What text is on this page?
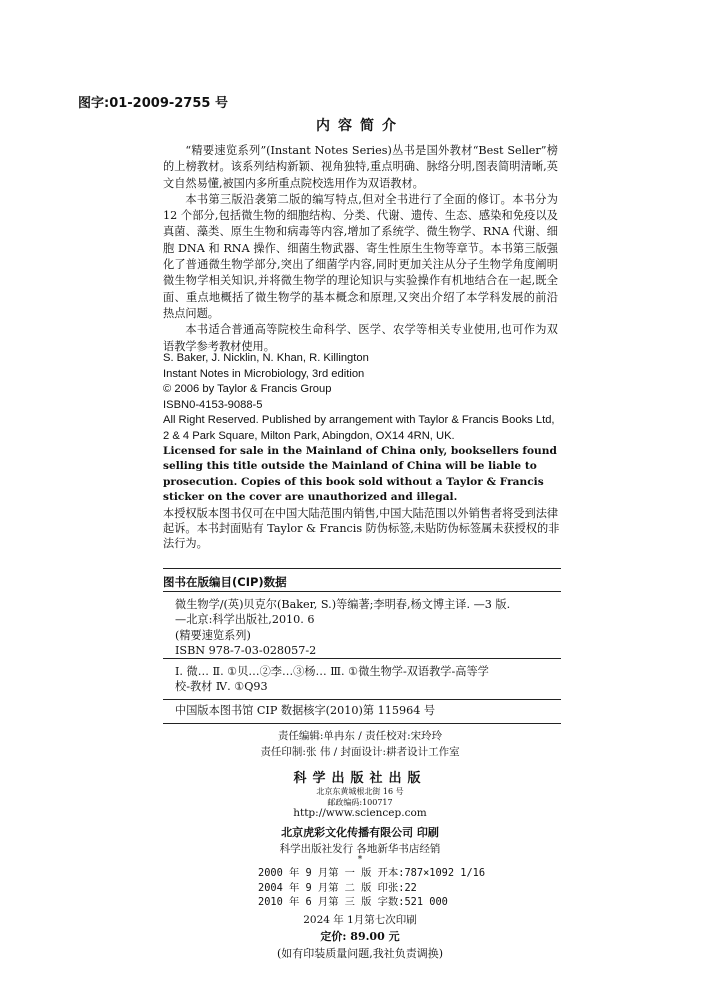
图字:01-2009-2755 号
内容简介

“精要速览系列”(Instant Notes Series)丛书是国外教材“Best Seller”榜的上榜教材。该系列结构新颖、视角独特,重点明确、脉络分明,图表简明清晰,英文自然易懂,被国内多所重点院校选用作为双语教材。

本书第三版沿袭第二版的编写特点,但对全书进行了全面的修订。本书分为 12 个部分,包括微生物的细胞结构、分类、代谢、遗传、生态、感染和免疫以及真菌、藻类、原生生物和病毒等内容,增加了系统学、微生物学、RNA 代谢、细胞 DNA 和 RNA 操作、细菌生物武器、寄生性原生生物等章节。本书第三版强化了普通微生物学部分,突出了细菌学内容,同时更加关注从分子生物学角度阐明微生物学相关知识,并将微生物学的理论知识与实验操作有机地结合在一起,既全面、重点地概括了微生物学的基本概念和原理,又突出介绍了本学科发展的前沿热点问题。

本书适合普通高等院校生命科学、医学、农学等相关专业使用,也可作为双语教学参考教材使用。

S. Baker, J. Nicklin, N. Khan, R. Killington
Instant Notes in Microbiology, 3rd edition
© 2006 by Taylor & Francis Group
ISBN0-4153-9088-5
All Right Reserved. Published by arrangement with Taylor & Francis Books Ltd, 2 & 4 Park Square, Milton Park, Abingdon, OX14 4RN, UK.
Licensed for sale in the Mainland of China only, booksellers found selling this title outside the Mainland of China will be liable to prosecution. Copies of this book sold without a Taylor & Francis sticker on the cover are unauthorized and illegal.
本授权版本图书仅可在中国大陆范围内销售,中国大陆范围以外销售者将受到法律起诉。本书封面贴有 Taylor & Francis 防伪标签,未贴防伪标签属未获授权的非法行为。
图书在版编目(CIP)数据
微生物学/(英)贝克尔(Baker, S.)等编著;李明春,杨文博主译. —3 版.
—北京:科学出版社,2010. 6
(精要速览系列)
ISBN 978-7-03-028057-2
Ⅰ. 微… Ⅱ. ①贝…②李…③杨… Ⅲ. ①微生物学-双语教学-高等学
校-教材 Ⅳ. ①Q93
中国版本图书馆 CIP 数据核字(2010)第 115964 号
责任编辑:单冉东 / 责任校对:宋玲玲
责任印制:张 伟 / 封面设计:耕者设计工作室
科学出版社出版
北京东黄城根北街 16 号
邮政编码:100717
http://www.sciencep.com
北京虎彩文化传播有限公司 印刷
科学出版社发行 各地新华书店经销
*
2000 年 9 月第 一 版 开本:787×1092 1/16
2004 年 9 月第 二 版 印张:22
2010 年 6 月第 三 版 字数:521 000
2024 年 1月第七次印刷
定价: 89.00 元
(如有印装质量问题,我社负责调换)
